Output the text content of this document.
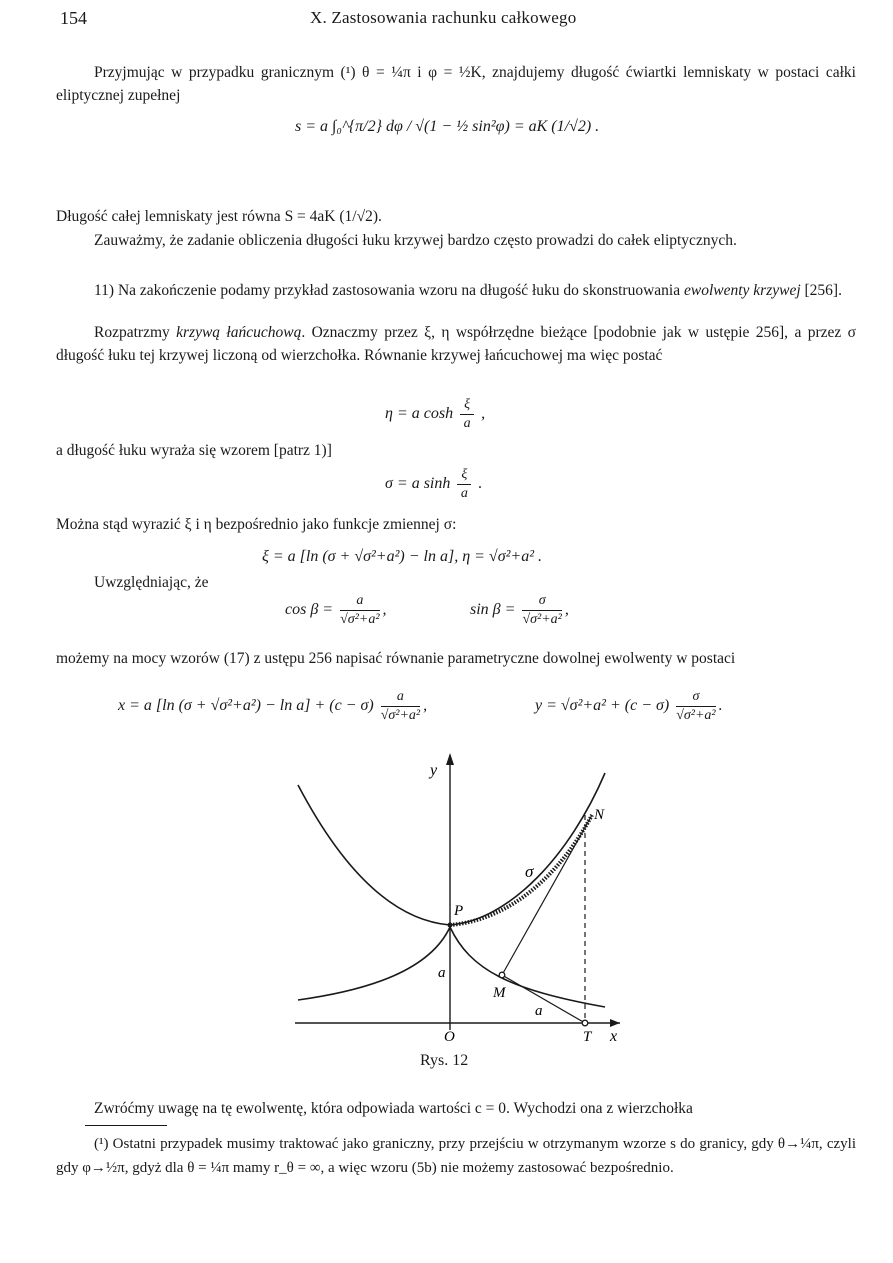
154	X. Zastosowania rachunku całkowego
Przyjmując w przypadku granicznym (¹) θ = ¼π i φ = ½K, znajdujemy długość ćwiartki lemniskaty w postaci całki eliptycznej zupełnej
s = a ∫₀^{π/2} dφ / √(1 − ½ sin²φ) = aK (1/√2) .
Długość całej lemniskaty jest równa S = 4aK (1/√2).
Zauważmy, że zadanie obliczenia długości łuku krzywej bardzo często prowadzi do całek eliptycznych.
11) Na zakończenie podamy przykład zastosowania wzoru na długość łuku do skonstruowania ewolwenty krzywej [256].
Rozpatrzmy krzywą łańcuchową. Oznaczmy przez ξ, η współrzędne bieżące [podobnie jak w ustępie 256], a przez σ długość łuku tej krzywej liczoną od wierzchołka. Równanie krzywej łańcuchowej ma więc postać
η = a $\cosh \frac{\xi}{a}$ ,
a długość łuku wyraża się wzorem [patrz 1)]
σ = a $\sinh \frac{\xi}{a}$ .
Można stąd wyrazić ξ i η bezpośrednio jako funkcje zmiennej σ:
ξ = a [ln (σ + √σ²+a²) − ln a], η = √σ²+a² .
Uwzględniając, że
$\cos \beta = \frac{a}{\text{√σ²+a²}}$ ,	$\sin \beta = \frac{\sigma}{\text{√σ²+a²}}$ ,
możemy na mocy wzorów (17) z ustępu 256 napisać równanie parametryczne dowolnej ewolwenty w postaci
x = a [ln $(\sigma + √\sigma^2+a^2) - \ln a] + (c - \sigma) \frac{a}{\text{√σ²+a²}}$ ,	$y = √\sigma^2+a^2 + (c - \sigma) \frac{\sigma}{\text{√σ²+a²}}$ .
y
x
O	T
P
M
N
a
a
σ
Rys. 12
Zwróćmy uwagę na tę ewolwentę, która odpowiada wartości c = 0. Wychodzi ona z wierzchołka
(¹) Ostatni przypadek musimy traktować jako graniczny, przy przejściu w otrzymanym wzorze s do granicy, gdy θ→¼π, czyli gdy φ→½π, gdyż dla θ = ¼π mamy r_θ = ∞, a więc wzoru (5b) nie możemy zastosować bezpośrednio.
